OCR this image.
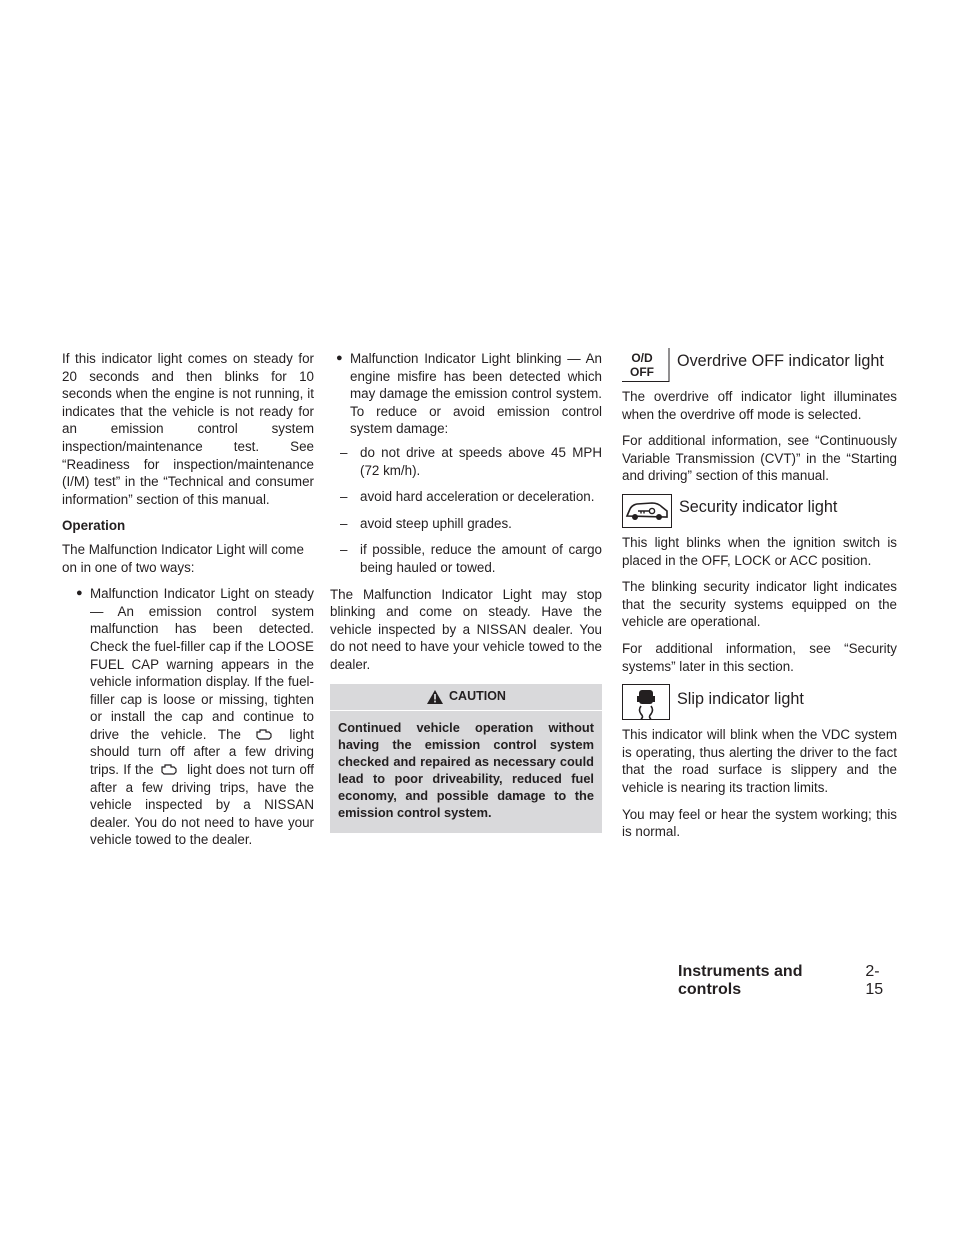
If this indicator light comes on steady for 20 seconds and then blinks for 10 seconds when the engine is not running, it indicates that the vehicle is not ready for an emission control system inspection/maintenance test. See “Readiness for inspection/maintenance (I/M) test” in the “Technical and consumer information” section of this manual.

Operation

The Malfunction Indicator Light will come on in one of two ways:

● Malfunction Indicator Light on steady — An emission control system malfunction has been detected. Check the fuel-filler cap if the LOOSE FUEL CAP warning appears in the vehicle information display. If the fuel-filler cap is loose or missing, tighten or install the cap and continue to drive the vehicle. The	light should turn off after a few driving trips. If the	light does not turn off after a few driving trips, have the vehicle inspected by a NISSAN dealer. You do not need to have your vehicle towed to the dealer.
● Malfunction Indicator Light blinking — An engine misfire has been detected which may damage the emission control system. To reduce or avoid emission control system damage:
– do not drive at speeds above 45 MPH (72 km/h).
– avoid hard acceleration or deceleration.
– avoid steep uphill grades.
– if possible, reduce the amount of cargo being hauled or towed.

The Malfunction Indicator Light may stop blinking and come on steady. Have the vehicle inspected by a NISSAN dealer. You do not need to have your vehicle towed to the dealer.

CAUTION
Continued vehicle operation without having the emission control system checked and repaired as necessary could lead to poor driveability, reduced fuel economy, and possible damage to the emission control system.
O/D
OFF
Overdrive OFF indicator light

The overdrive off indicator light illuminates when the overdrive off mode is selected.

For additional information, see “Continuously Variable Transmission (CVT)” in the “Starting and driving” section of this manual.

Security indicator light

This light blinks when the ignition switch is placed in the OFF, LOCK or ACC position.

The blinking security indicator light indicates that the security systems equipped on the vehicle are operational.

For additional information, see “Security systems” later in this section.

Slip indicator light

This indicator will blink when the VDC system is operating, thus alerting the driver to the fact that the road surface is slippery and the vehicle is nearing its traction limits.

You may feel or hear the system working; this is normal.

Instruments and controls
2-15
